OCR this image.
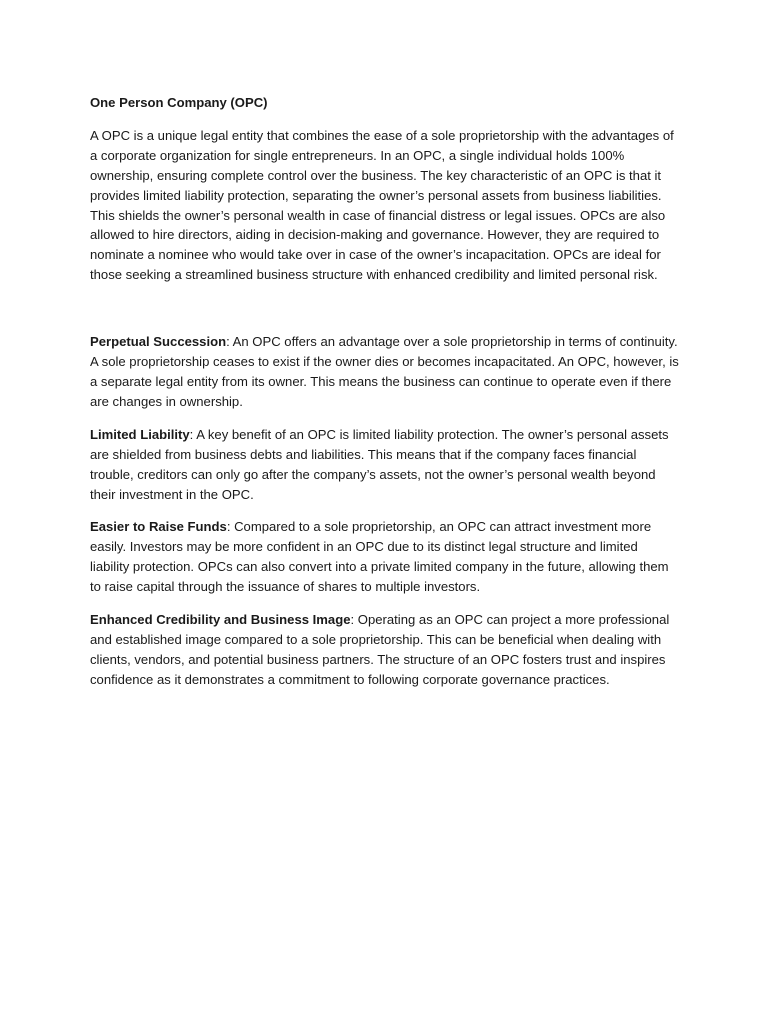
One Person Company (OPC)

A OPC is a unique legal entity that combines the ease of a sole proprietorship with the advantages of a corporate organization for single entrepreneurs. In an OPC, a single individual holds 100% ownership, ensuring complete control over the business. The key characteristic of an OPC is that it provides limited liability protection, separating the owner’s personal assets from business liabilities. This shields the owner’s personal wealth in case of financial distress or legal issues. OPCs are also allowed to hire directors, aiding in decision-making and governance. However, they are required to nominate a nominee who would take over in case of the owner’s incapacitation. OPCs are ideal for those seeking a streamlined business structure with enhanced credibility and limited personal risk.

Perpetual Succession: An OPC offers an advantage over a sole proprietorship in terms of continuity. A sole proprietorship ceases to exist if the owner dies or becomes incapacitated. An OPC, however, is a separate legal entity from its owner. This means the business can continue to operate even if there are changes in ownership.

Limited Liability: A key benefit of an OPC is limited liability protection. The owner’s personal assets are shielded from business debts and liabilities. This means that if the company faces financial trouble, creditors can only go after the company’s assets, not the owner’s personal wealth beyond their investment in the OPC.

Easier to Raise Funds: Compared to a sole proprietorship, an OPC can attract investment more easily. Investors may be more confident in an OPC due to its distinct legal structure and limited liability protection. OPCs can also convert into a private limited company in the future, allowing them to raise capital through the issuance of shares to multiple investors.

Enhanced Credibility and Business Image: Operating as an OPC can project a more professional and established image compared to a sole proprietorship. This can be beneficial when dealing with clients, vendors, and potential business partners. The structure of an OPC fosters trust and inspires confidence as it demonstrates a commitment to following corporate governance practices.
